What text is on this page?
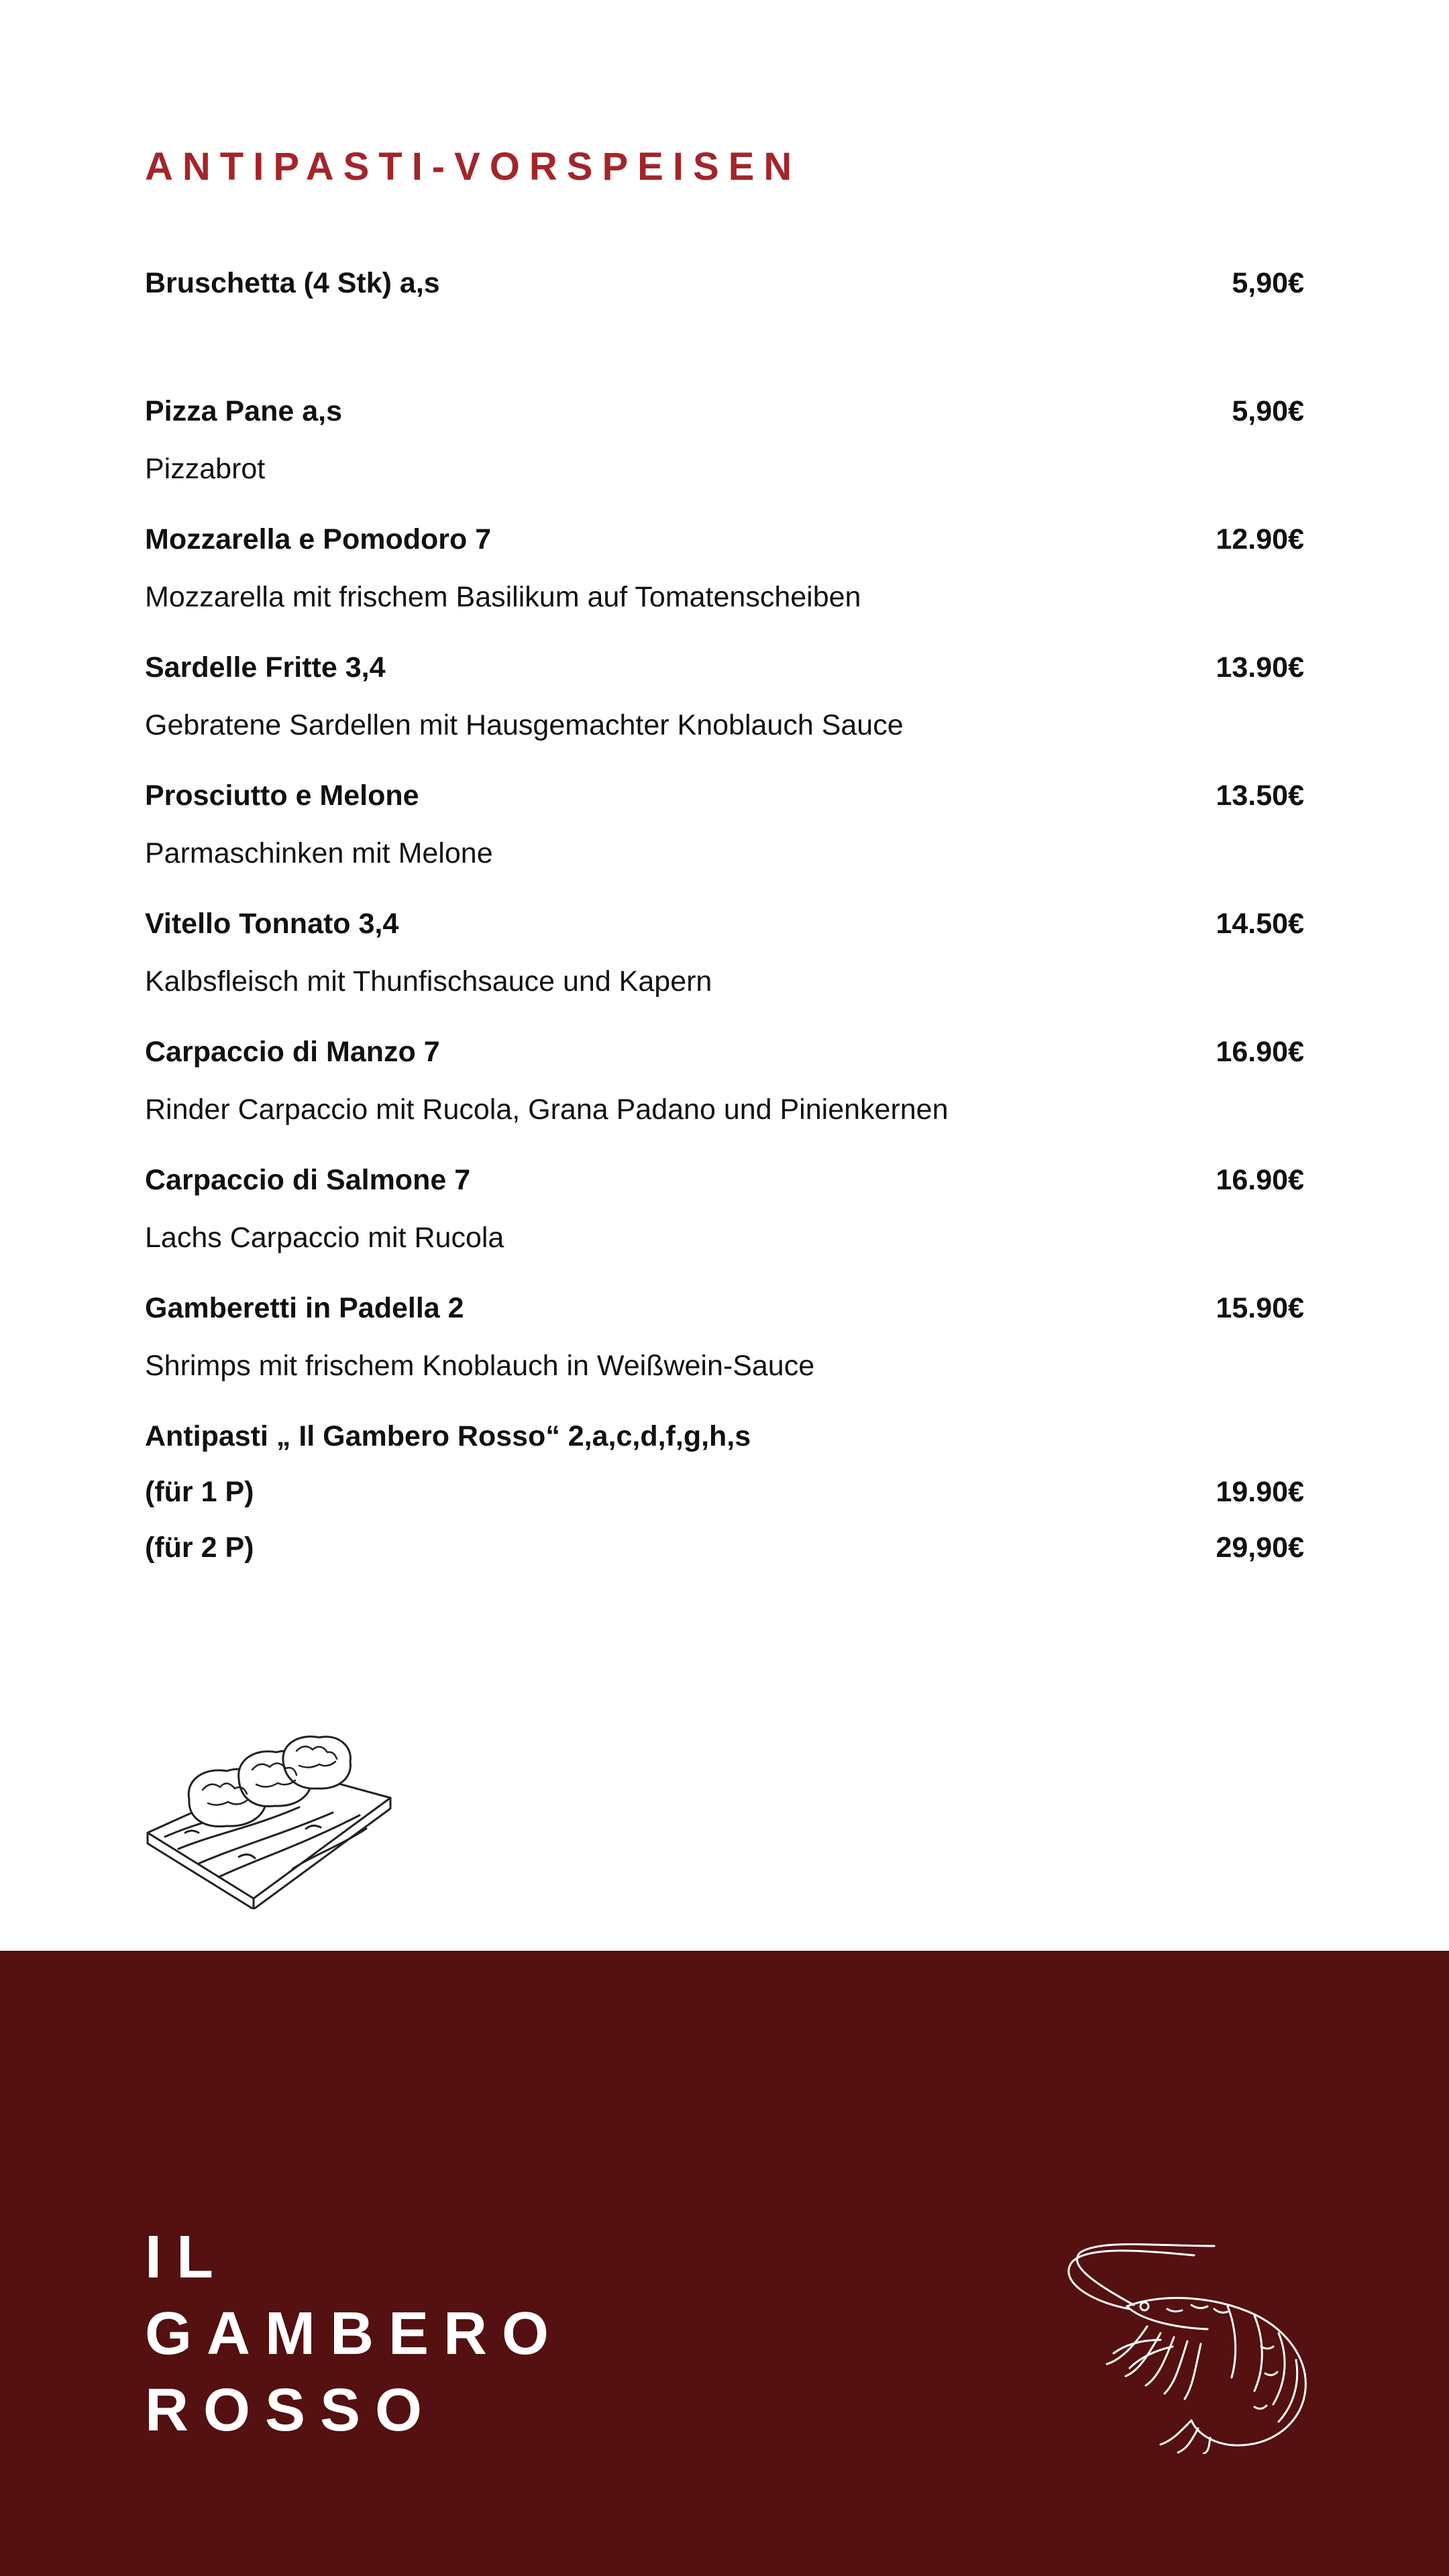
ANTIPASTI-VORSPEISEN
Bruschetta (4 Stk) a,s	5,90€
Pizza Pane a,s	5,90€
Pizzabrot
Mozzarella e Pomodoro 7	12.90€
Mozzarella mit frischem Basilikum auf Tomatenscheiben
Sardelle Fritte 3,4	13.90€
Gebratene Sardellen mit Hausgemachter Knoblauch Sauce
Prosciutto e Melone	13.50€
Parmaschinken mit Melone
Vitello Tonnato 3,4	14.50€
Kalbsfleisch mit Thunfischsauce und Kapern
Carpaccio di Manzo 7	16.90€
Rinder Carpaccio mit Rucola, Grana Padano und Pinienkernen
Carpaccio di Salmone 7	16.90€
Lachs Carpaccio mit Rucola
Gamberetti in Padella 2	15.90€
Shrimps mit frischem Knoblauch in Weißwein-Sauce
Antipasti „ Il Gambero Rosso“ 2,a,c,d,f,g,h,s
(für 1 P)	19.90€
(für 2 P)	29,90€
IL
GAMBERO
ROSSO
